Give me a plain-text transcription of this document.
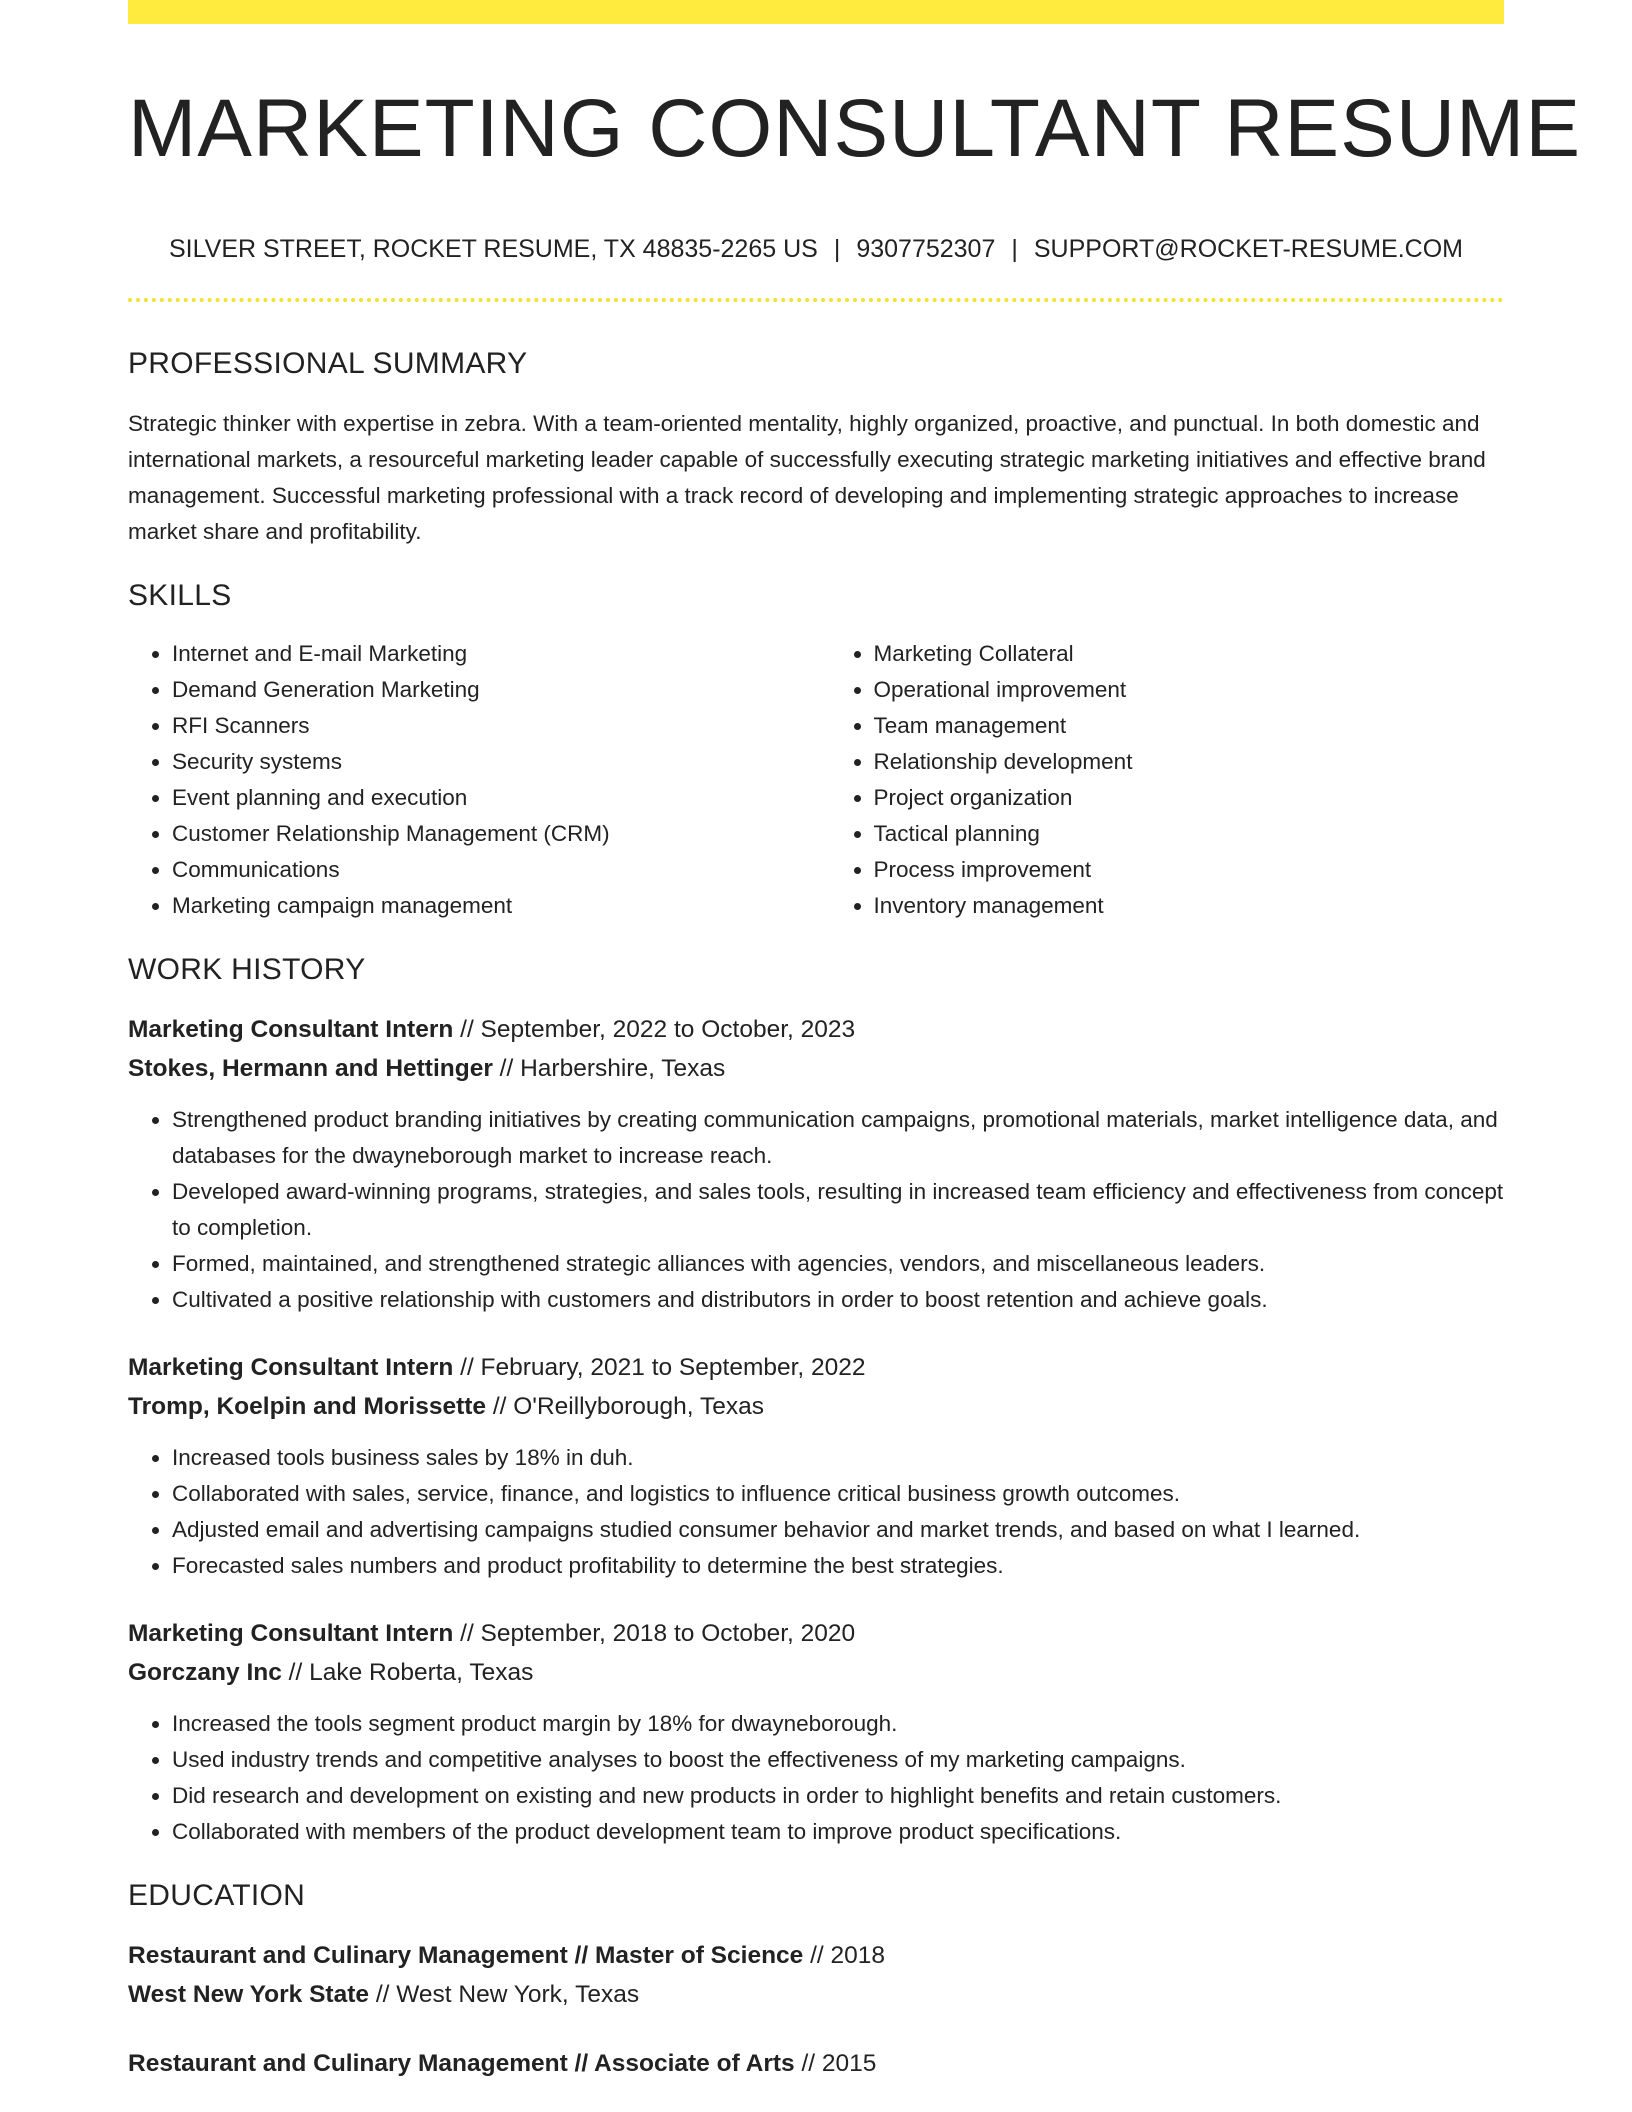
MARKETING CONSULTANT RESUME
SILVER STREET, ROCKET RESUME, TX 48835-2265 US | 9307752307 | SUPPORT@ROCKET-RESUME.COM
PROFESSIONAL SUMMARY

Strategic thinker with expertise in zebra. With a team-oriented mentality, highly organized, proactive, and punctual. In both domestic and international markets, a resourceful marketing leader capable of successfully executing strategic marketing initiatives and effective brand management. Successful marketing professional with a track record of developing and implementing strategic approaches to increase market share and profitability.

SKILLS
• Internet and E-mail Marketing
• Demand Generation Marketing
• RFI Scanners
• Security systems
• Event planning and execution
• Customer Relationship Management (CRM)
• Communications
• Marketing campaign management
• Marketing Collateral
• Operational improvement
• Team management
• Relationship development
• Project organization
• Tactical planning
• Process improvement
• Inventory management
WORK HISTORY
Marketing Consultant Intern // September, 2022 to October, 2023
Stokes, Hermann and Hettinger // Harbershire, Texas
• Strengthened product branding initiatives by creating communication campaigns, promotional materials, market intelligence data, and databases for the dwayneborough market to increase reach.
• Developed award-winning programs, strategies, and sales tools, resulting in increased team efficiency and effectiveness from concept to completion.
• Formed, maintained, and strengthened strategic alliances with agencies, vendors, and miscellaneous leaders.
• Cultivated a positive relationship with customers and distributors in order to boost retention and achieve goals.
Marketing Consultant Intern // February, 2021 to September, 2022
Tromp, Koelpin and Morissette // O'Reillyborough, Texas
• Increased tools business sales by 18% in duh.
• Collaborated with sales, service, finance, and logistics to influence critical business growth outcomes.
• Adjusted email and advertising campaigns studied consumer behavior and market trends, and based on what I learned.
• Forecasted sales numbers and product profitability to determine the best strategies.
Marketing Consultant Intern // September, 2018 to October, 2020
Gorczany Inc // Lake Roberta, Texas
• Increased the tools segment product margin by 18% for dwayneborough.
• Used industry trends and competitive analyses to boost the effectiveness of my marketing campaigns.
• Did research and development on existing and new products in order to highlight benefits and retain customers.
• Collaborated with members of the product development team to improve product specifications.
EDUCATION
Restaurant and Culinary Management // Master of Science // 2018
West New York State // West New York, Texas
Restaurant and Culinary Management // Associate of Arts // 2015
